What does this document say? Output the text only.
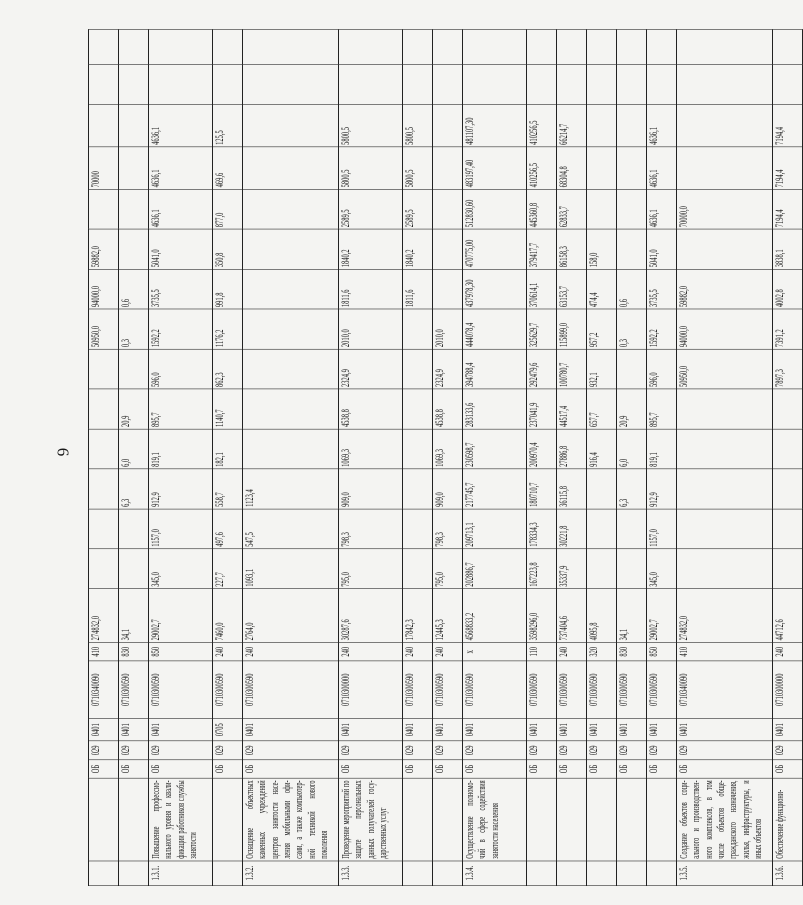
6
		ОБ	029	0401	0710340090	410	274832,0							50950,0	94000,0	59882,0		70000			
		ОБ	029	0401	0710300590	830	34,1			6,3	6,0	20,9		0,3	0,6						
1.3.1.	Повышение профессио-нального уровня и квали-фикации работников службы занятости	ОБ	029	0401	0710300590	850	29002,7	345,0	1157,0	912,9	819,1	895,7	596,0	1592,2	3735,5	5041,0	4636,1	4636,1	4636,1		
		ОБ	029	0705	0710300590	240	7460,0	227,7	497,6	558,7	182,1	1140,7	862,3	1176,2	991,8	350,8	877,0	469,6	125,5		
1.3.2.	Оснащение объектных каменных учреждений центров занятости насе-ления мобильными офи-сами, а также компьютер-ной техникой нового поколения	ОБ	029	0401	0710300590	240	2764,0	1093,1	547,5	1123,4											
1.3.3.	Проведение мероприятий по защите персональных данных получателей госу-дарственных услуг	ОБ	029	0401	0710300000	240	30287,6	795,0	798,3	909,0	1069,3	4538,8	2324,9	2010,0	1811,6	1840,2	2589,5	5800,5	5800,5		
		ОБ	029	0401	0710300590	240	17842,3								1811,6	1840,2	2589,5	5800,5	5800,5		
		ОБ	029	0401	0710300590	240	12445,3	795,0	798,3	909,0	1069,3	4538,8	2324,9	2010,0							
1.3.4.	Осуществление полномо-чий в сфере содействия занятости населения	ОБ	029	0401	0710300590	x	4568833,2	202886,7	209713,1	217745,7	230598,7	283133,6	394788,4	444078,4	437978,30	470775,00	512830,60	483197,40	481107,30		
		ОБ	029	0401	0710300590	110	3598296,0	167223,8	178334,3	180710,7	200970,4	237041,9	292479,6	325629,7	370614,1	379417,7	445360,8	410256,5	410256,5		
		ОБ	029	0401	0710300590	240	737404,6	35337,9	30221,8	36115,8	27886,8	44517,4	100780,7	115899,0	63153,7	86158,3	62833,7	68304,8	66214,7		
		ОБ	029	0401	0710300590	320	4095,8				916,4	657,7	932,1	957,2	474,4	158,0					
		ОБ	029	0401	0710300590	830	34,1			6,3	6,0	20,9		0,3	0,6						
		ОБ	029	0401	0710300590	850	29002,7	345,0	1157,0	912,9	819,1	895,7	596,0	1592,2	3735,5	5041,0	4636,1	4636,1	4636,1		
1.3.5.	Создание объектов соци-ального и производствен-ного комплексов, в том числе объектов обще-гражданского назначения, жилья, инфраструктуры, и иных объектов	ОБ	029	0401	0710340090	410	274832,0						50950,0	94000,0	59882,0		70000,0				
1.3.6.	Обеспечение функциони-	ОБ	029	0401	0710300000	240	44712,6						7897,3	7391,2	4002,8	3838,1	7194,4	7194,4	7194,4		
